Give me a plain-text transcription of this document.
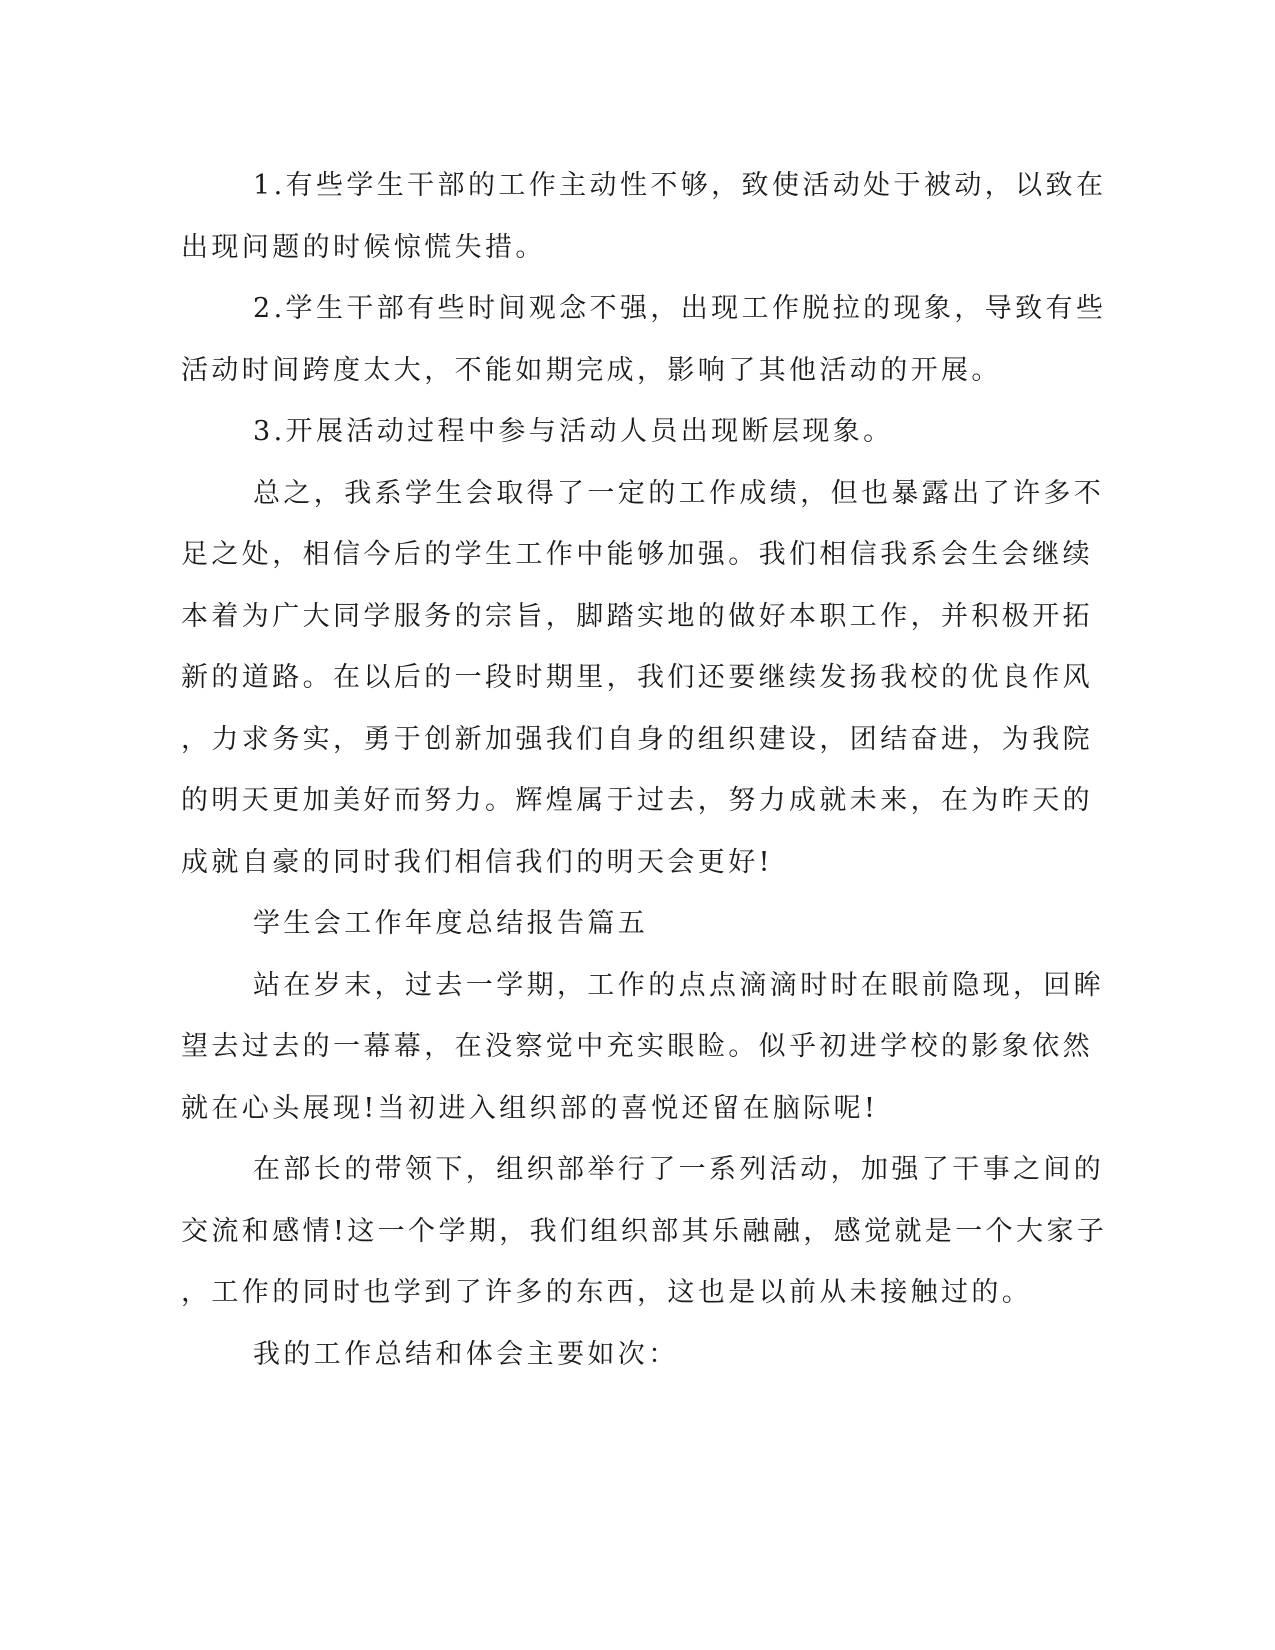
1.有些学生干部的工作主动性不够，致使活动处于被动，以致在
出现问题的时候惊慌失措。

2.学生干部有些时间观念不强，出现工作脱拉的现象，导致有些
活动时间跨度太大，不能如期完成，影响了其他活动的开展。

3.开展活动过程中参与活动人员出现断层现象。

总之，我系学生会取得了一定的工作成绩，但也暴露出了许多不
足之处，相信今后的学生工作中能够加强。我们相信我系会生会继续
本着为广大同学服务的宗旨，脚踏实地的做好本职工作，并积极开拓
新的道路。在以后的一段时期里，我们还要继续发扬我校的优良作风
，力求务实，勇于创新加强我们自身的组织建设，团结奋进，为我院
的明天更加美好而努力。辉煌属于过去，努力成就未来，在为昨天的
成就自豪的同时我们相信我们的明天会更好!

学生会工作年度总结报告篇五

站在岁末，过去一学期，工作的点点滴滴时时在眼前隐现，回眸
望去过去的一幕幕，在没察觉中充实眼睑。似乎初进学校的影象依然
就在心头展现!当初进入组织部的喜悦还留在脑际呢!

在部长的带领下，组织部举行了一系列活动，加强了干事之间的
交流和感情!这一个学期，我们组织部其乐融融，感觉就是一个大家子
，工作的同时也学到了许多的东西，这也是以前从未接触过的。

我的工作总结和体会主要如次：
